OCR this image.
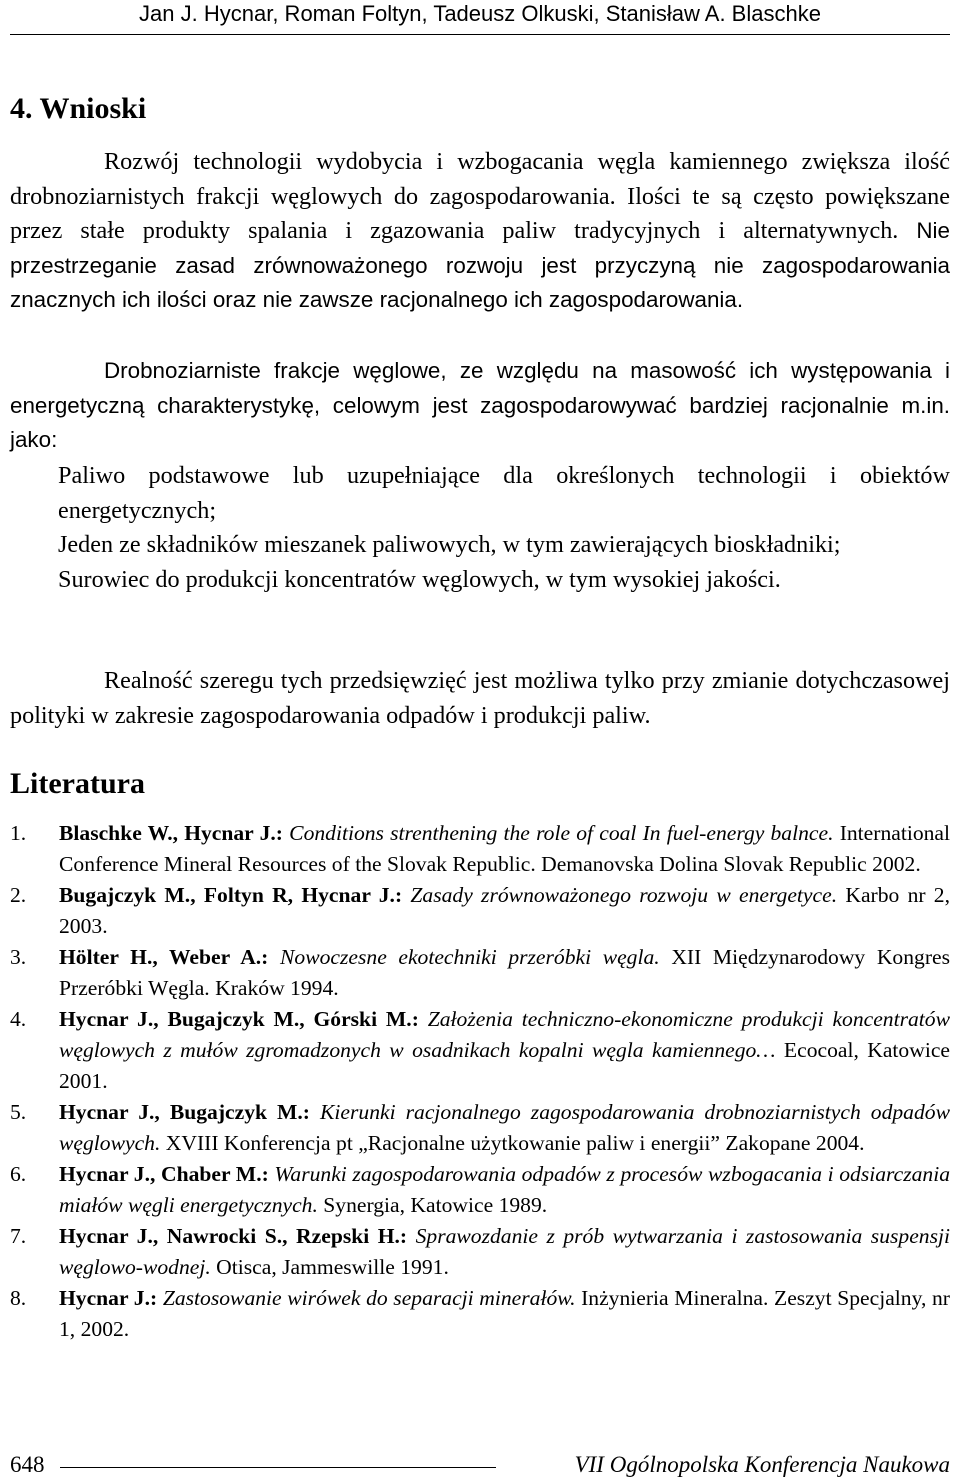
Jan J. Hycnar, Roman Foltyn, Tadeusz Olkuski, Stanisław A. Blaschke
4. Wnioski
Rozwój technologii wydobycia i wzbogacania węgla kamiennego zwiększa ilość drobnoziarnistych frakcji węglowych do zagospodarowania. Ilości te są często powiększane przez stałe produkty spalania i zgazowania paliw tradycyjnych i alternatywnych. Nie przestrzeganie zasad zrównoważonego rozwoju jest przyczyną nie zagospodarowania znacznych ich ilości oraz nie zawsze racjonalnego ich zagospodarowania.
Drobnoziarniste frakcje węglowe, ze względu na masowość ich występowania i energetyczną charakterystykę, celowym jest zagospodarowywać bardziej racjonalnie m.in. jako:
Paliwo podstawowe lub uzupełniające dla określonych technologii i obiektów energetycznych;
Jeden ze składników mieszanek paliwowych, w tym zawierających bioskładniki;
Surowiec do produkcji koncentratów węglowych, w tym wysokiej jakości.
Realność szeregu tych przedsięwzięć jest możliwa tylko przy zmianie dotychczasowej polityki w zakresie zagospodarowania odpadów i produkcji paliw.
Literatura
1. Blaschke W., Hycnar J.: Conditions strenthening the role of coal In fuel-energy balnce. International Conference Mineral Resources of the Slovak Republic. Demanovska Dolina Slovak Republic 2002.
2. Bugajczyk M., Foltyn R, Hycnar J.: Zasady zrównoważonego rozwoju w energetyce. Karbo nr 2, 2003.
3. Hölter H., Weber A.: Nowoczesne ekotechniki przeróbki węgla. XII Międzynarodowy Kongres Przeróbki Węgla. Kraków 1994.
4. Hycnar J., Bugajczyk M., Górski M.: Założenia techniczno-ekonomiczne produkcji koncentratów węglowych z mułów zgromadzonych w osadnikach kopalni węgla kamiennego… Ecocoal, Katowice 2001.
5. Hycnar J., Bugajczyk M.: Kierunki racjonalnego zagospodarowania drobnoziarnistych odpadów węglowych. XVIII Konferencja pt „Racjonalne użytkowanie paliw i energii” Zakopane 2004.
6. Hycnar J., Chaber M.: Warunki zagospodarowania odpadów z procesów wzbogacania i odsiarczania miałów węgli energetycznych. Synergia, Katowice 1989.
7. Hycnar J., Nawrocki S., Rzepski H.: Sprawozdanie z prób wytwarzania i zastosowania suspensji węglowo-wodnej. Otisca, Jammeswille 1991.
8. Hycnar J.: Zastosowanie wirówek do separacji minerałów. Inżynieria Mineralna. Zeszyt Specjalny, nr 1, 2002.
648	VII Ogólnopolska Konferencja Naukowa
